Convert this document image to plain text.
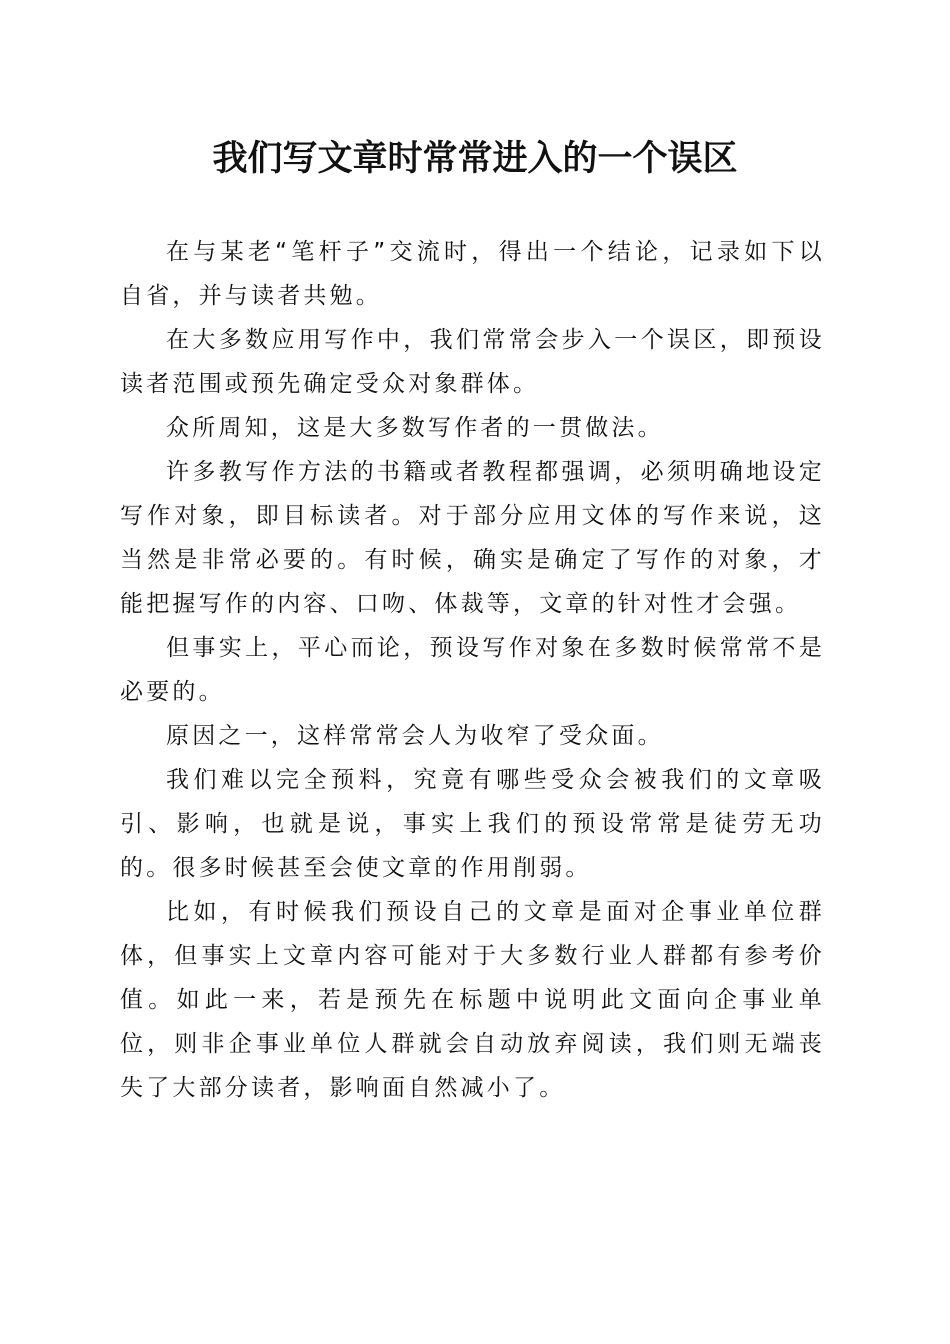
我们写文章时常常进入的一个误区

在与某老“笔杆子”交流时，得出一个结论，记录如下以自省，并与读者共勉。

在大多数应用写作中，我们常常会步入一个误区，即预设读者范围或预先确定受众对象群体。

众所周知，这是大多数写作者的一贯做法。

许多教写作方法的书籍或者教程都强调，必须明确地设定写作对象，即目标读者。对于部分应用文体的写作来说，这当然是非常必要的。有时候，确实是确定了写作的对象，才能把握写作的内容、口吻、体裁等，文章的针对性才会强。

但事实上，平心而论，预设写作对象在多数时候常常不是必要的。

原因之一，这样常常会人为收窄了受众面。

我们难以完全预料，究竟有哪些受众会被我们的文章吸引、影响，也就是说，事实上我们的预设常常是徒劳无功的。很多时候甚至会使文章的作用削弱。

比如，有时候我们预设自己的文章是面对企事业单位群体，但事实上文章内容可能对于大多数行业人群都有参考价值。如此一来，若是预先在标题中说明此文面向企事业单位，则非企事业单位人群就会自动放弃阅读，我们则无端丧失了大部分读者，影响面自然减小了。
